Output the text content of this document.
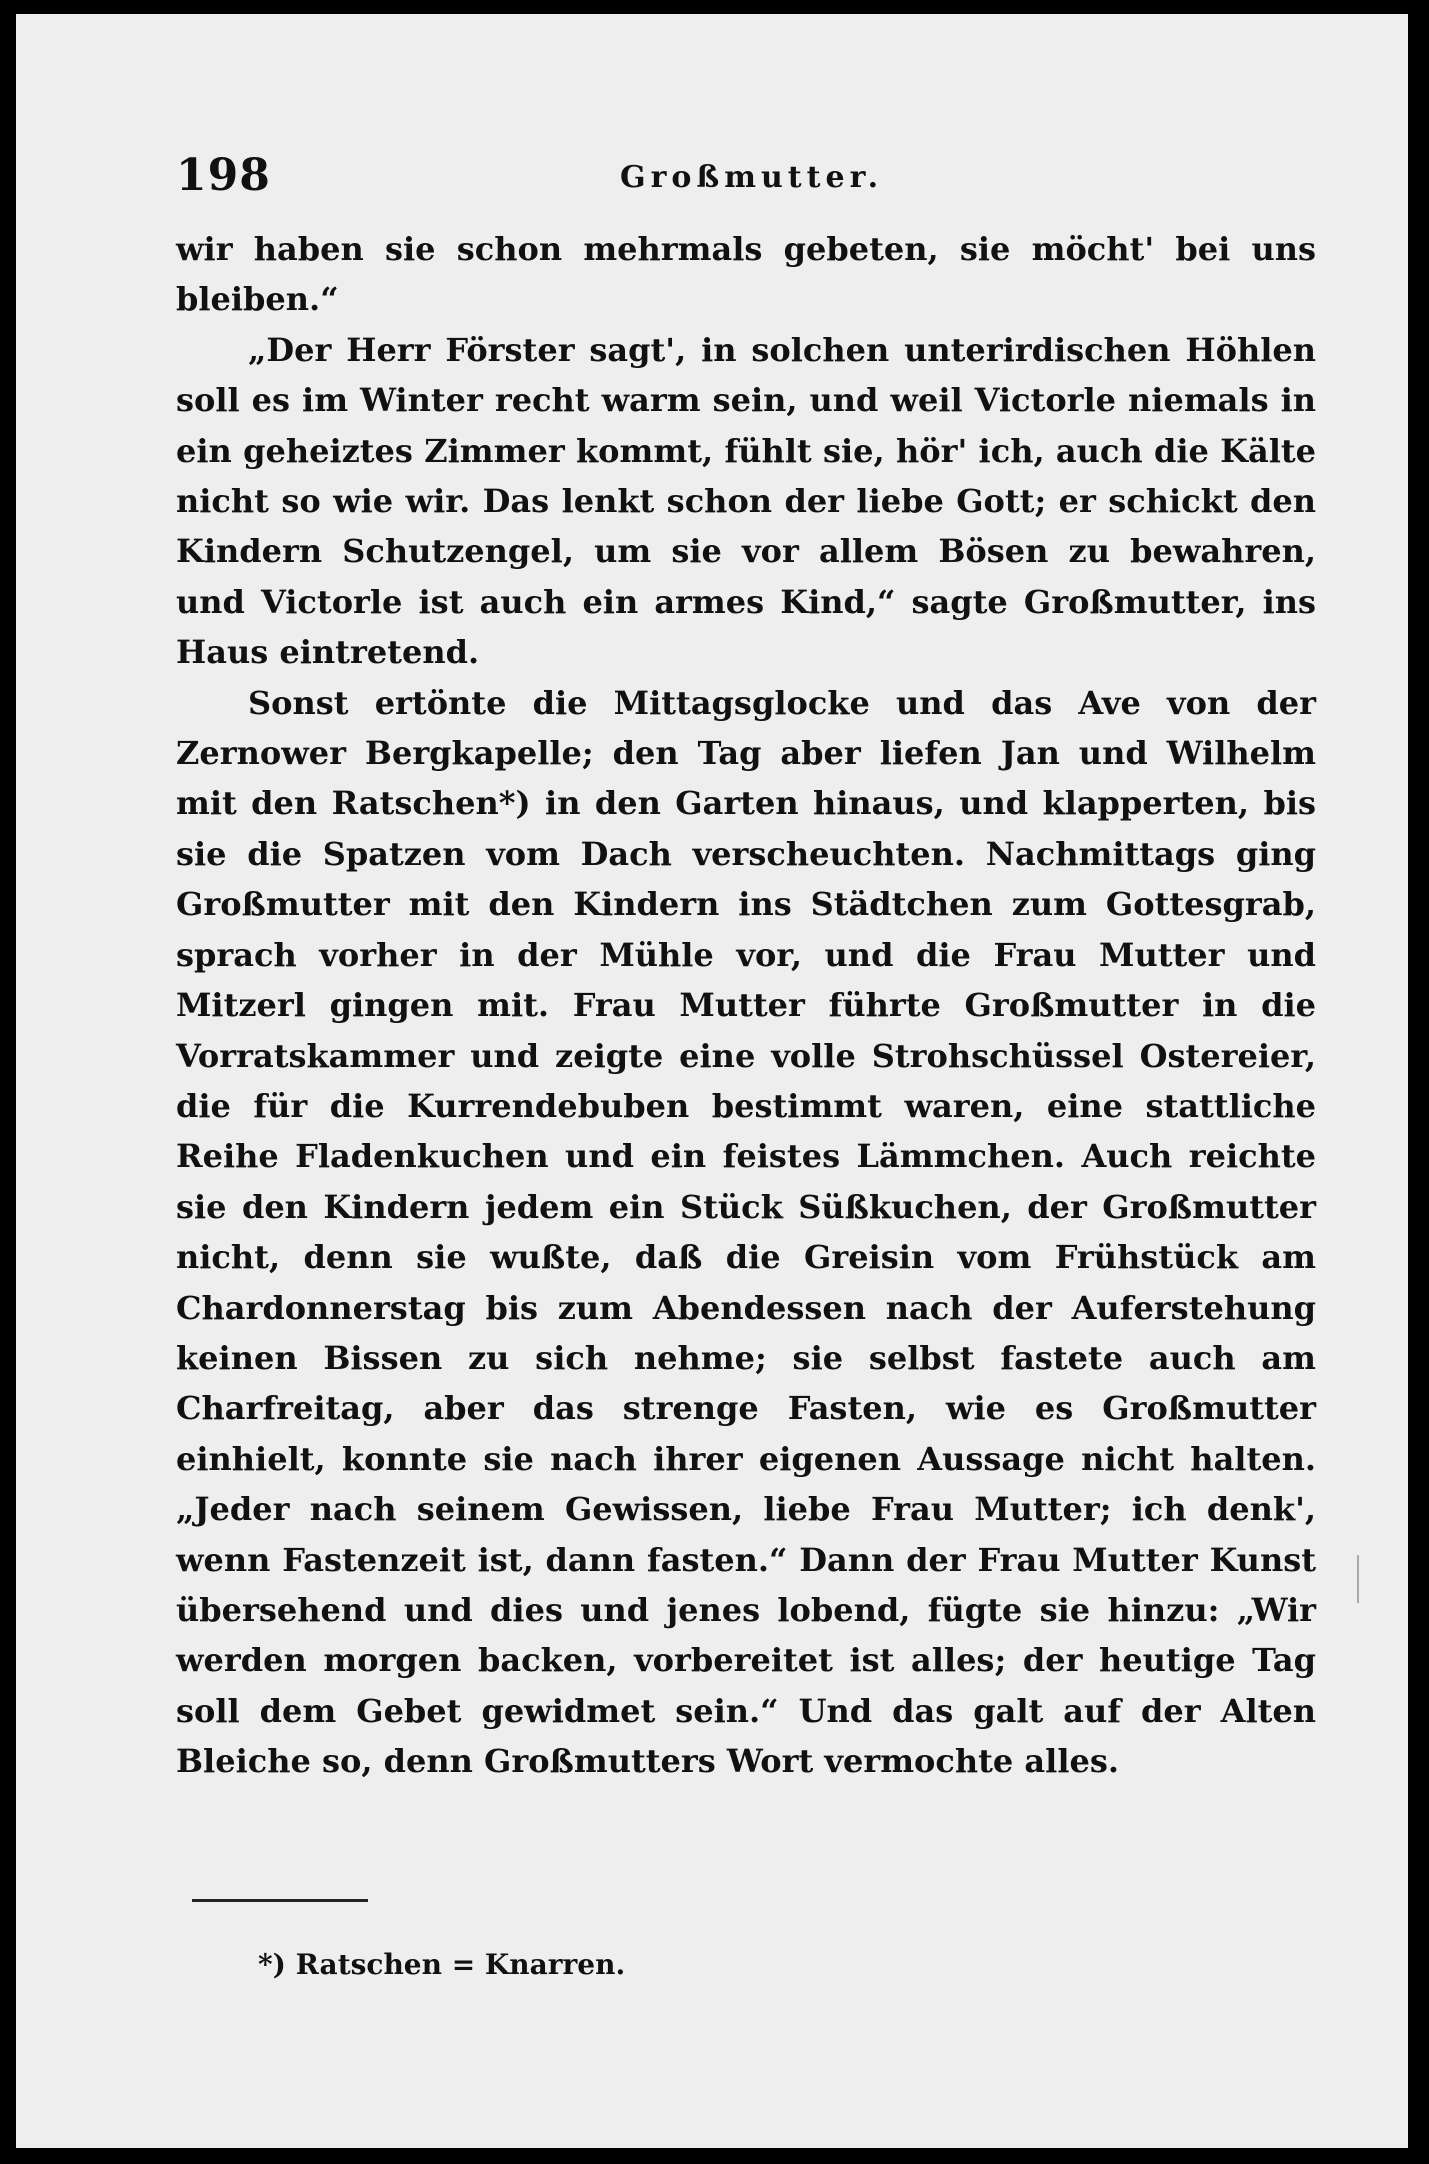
198	Großmutter.

wir haben sie schon mehrmals gebeten, sie möcht' bei uns bleiben.“

„Der Herr Förster sagt', in solchen unterirdischen Höhlen soll es im Winter recht warm sein, und weil Victorle niemals in ein geheiztes Zimmer kommt, fühlt sie, hör' ich, auch die Kälte nicht so wie wir. Das lenkt schon der liebe Gott; er schickt den Kindern Schutzengel, um sie vor allem Bösen zu bewahren, und Victorle ist auch ein armes Kind,“ sagte Großmutter, ins Haus eintretend.

Sonst ertönte die Mittagsglocke und das Ave von der Zernower Bergkapelle; den Tag aber liefen Jan und Wilhelm mit den Ratschen*) in den Garten hinaus, und klapperten, bis sie die Spatzen vom Dach verscheuchten. Nachmittags ging Großmutter mit den Kindern ins Städtchen zum Gottesgrab, sprach vorher in der Mühle vor, und die Frau Mutter und Mitzerl gingen mit. Frau Mutter führte Großmutter in die Vorratskammer und zeigte eine volle Strohschüssel Ostereier, die für die Kurrendebuben bestimmt waren, eine stattliche Reihe Fladenkuchen und ein feistes Lämmchen. Auch reichte sie den Kindern jedem ein Stück Süßkuchen, der Großmutter nicht, denn sie wußte, daß die Greisin vom Frühstück am Chardonnerstag bis zum Abendessen nach der Auferstehung keinen Bissen zu sich nehme; sie selbst fastete auch am Charfreitag, aber das strenge Fasten, wie es Großmutter einhielt, konnte sie nach ihrer eigenen Aussage nicht halten. „Jeder nach seinem Gewissen, liebe Frau Mutter; ich denk', wenn Fastenzeit ist, dann fasten.“ Dann der Frau Mutter Kunst übersehend und dies und jenes lobend, fügte sie hinzu: „Wir werden morgen backen, vorbereitet ist alles; der heutige Tag soll dem Gebet gewidmet sein.“ Und das galt auf der Alten Bleiche so, denn Großmutters Wort vermochte alles.

*) Ratschen = Knarren.
